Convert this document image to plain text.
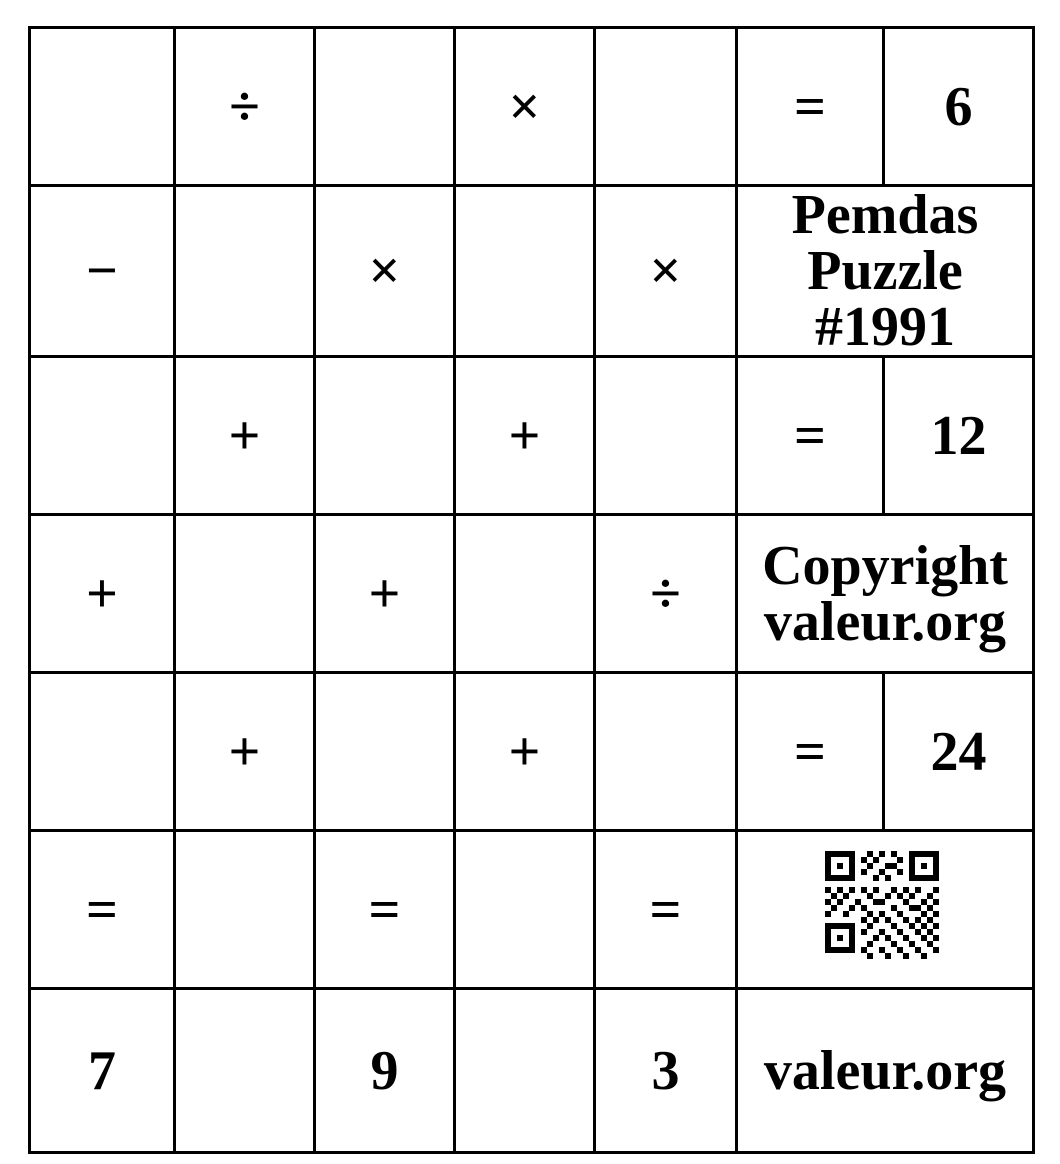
	÷		×		=	6
−		×		×	Pemdas Puzzle
#1991	
	+		+		=	12
+		+		÷	Copyright
valeur.org	
	+		+		=	24
=		=		=	

7		9		3	valeur.org	
